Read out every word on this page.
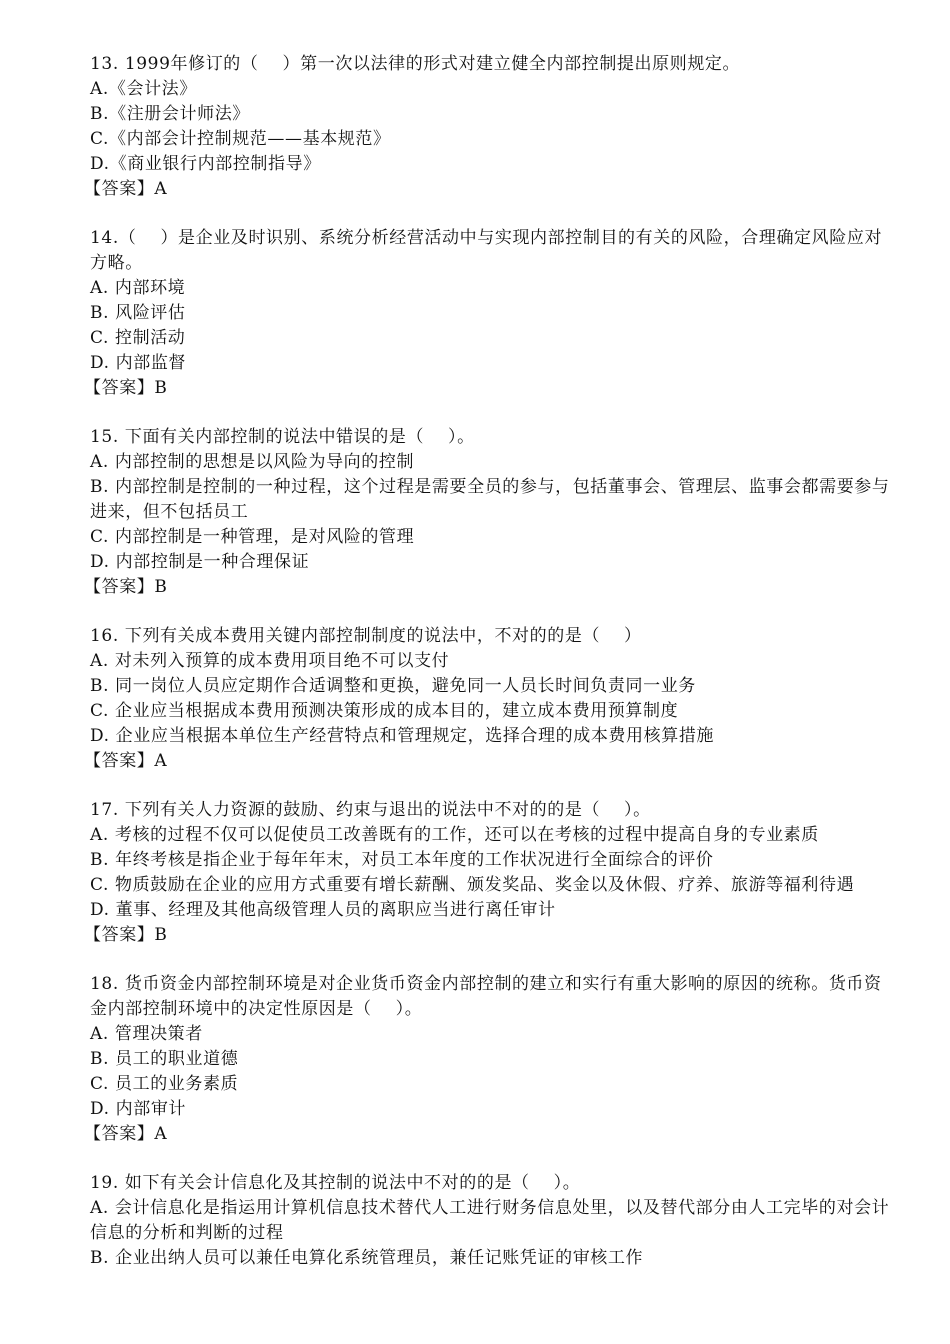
13. 1999年修订的（    ）第一次以法律的形式对建立健全内部控制提出原则规定。
A.《会计法》
B.《注册会计师法》
C.《内部会计控制规范——基本规范》
D.《商业银行内部控制指导》
【答案】A
14.（    ）是企业及时识别、系统分析经营活动中与实现内部控制目的有关的风险，合理确定风险应对方略。
A. 内部环境
B. 风险评估
C. 控制活动
D. 内部监督
【答案】B
15. 下面有关内部控制的说法中错误的是（    ）。
A. 内部控制的思想是以风险为导向的控制
B. 内部控制是控制的一种过程，这个过程是需要全员的参与，包括董事会、管理层、监事会都需要参与进来，但不包括员工
C. 内部控制是一种管理，是对风险的管理
D. 内部控制是一种合理保证
【答案】B
16. 下列有关成本费用关键内部控制制度的说法中，不对的的是（    ）
A. 对未列入预算的成本费用项目绝不可以支付
B. 同一岗位人员应定期作合适调整和更换，避免同一人员长时间负责同一业务
C. 企业应当根据成本费用预测决策形成的成本目的，建立成本费用预算制度
D. 企业应当根据本单位生产经营特点和管理规定，选择合理的成本费用核算措施
【答案】A
17. 下列有关人力资源的鼓励、约束与退出的说法中不对的的是（    ）。
A. 考核的过程不仅可以促使员工改善既有的工作，还可以在考核的过程中提高自身的专业素质
B. 年终考核是指企业于每年年末，对员工本年度的工作状况进行全面综合的评价
C. 物质鼓励在企业的应用方式重要有增长薪酬、颁发奖品、奖金以及休假、疗养、旅游等福利待遇
D. 董事、经理及其他高级管理人员的离职应当进行离任审计
【答案】B
18. 货币资金内部控制环境是对企业货币资金内部控制的建立和实行有重大影响的原因的统称。货币资金内部控制环境中的决定性原因是（    ）。
A. 管理决策者
B. 员工的职业道德
C. 员工的业务素质
D. 内部审计
【答案】A
19. 如下有关会计信息化及其控制的说法中不对的的是（    ）。
A. 会计信息化是指运用计算机信息技术替代人工进行财务信息处里，以及替代部分由人工完毕的对会计信息的分析和判断的过程
B. 企业出纳人员可以兼任电算化系统管理员，兼任记账凭证的审核工作
